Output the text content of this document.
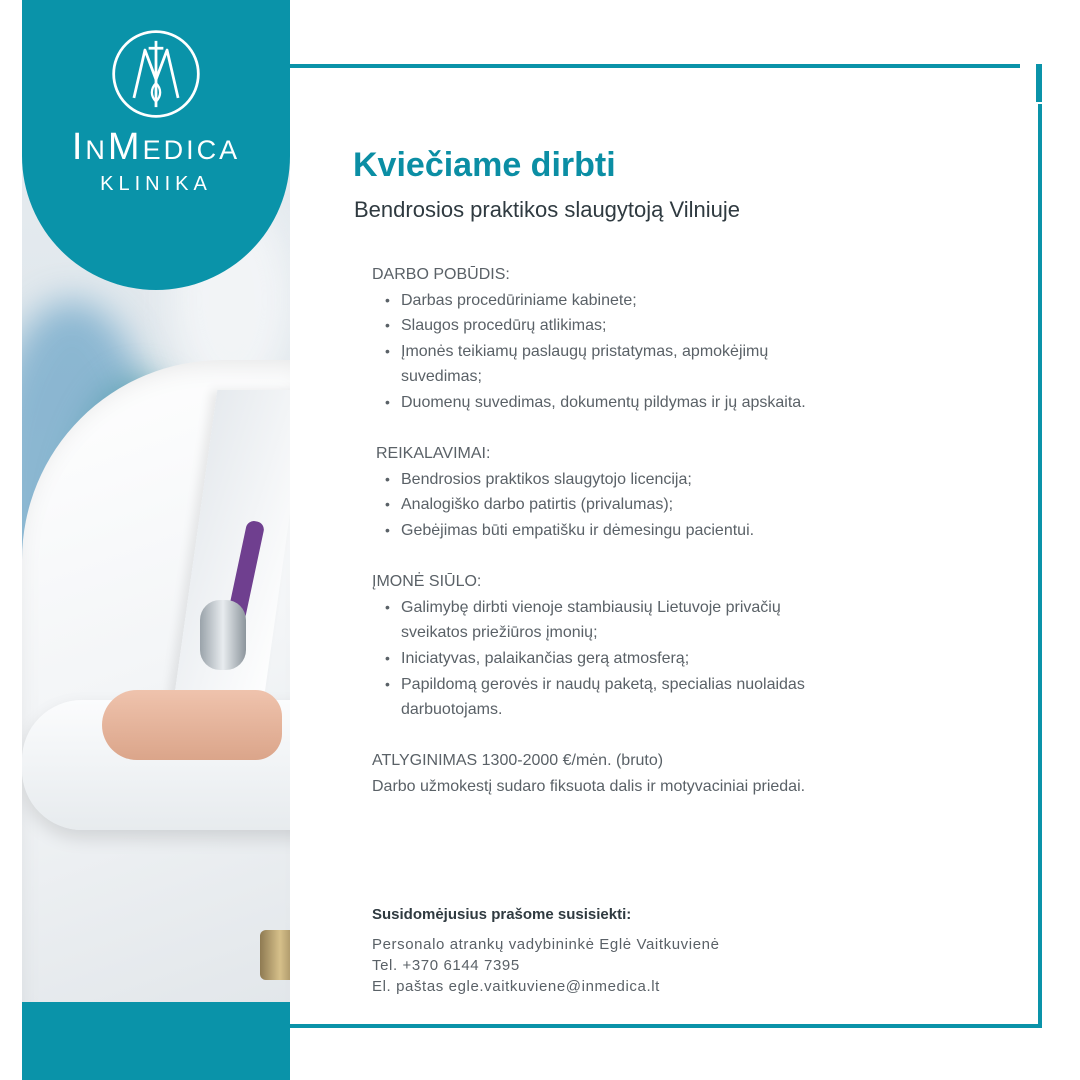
InMedica
KLINIKA	Kviečiame dirbti
Bendrosios praktikos slaugytoją Vilniuje
DARBO POBŪDIS:
• Darbas procedūriniame kabinete;
• Slaugos procedūrų atlikimas;
• Įmonės teikiamų paslaugų pristatymas, apmokėjimų suvedimas;
• Duomenų suvedimas, dokumentų pildymas ir jų apskaita.
REIKALAVIMAI:
• Bendrosios praktikos slaugytojo licencija;
• Analogiško darbo patirtis (privalumas);
• Gebėjimas būti empatišku ir dėmesingu pacientui.
ĮMONĖ SIŪLO:
• Galimybę dirbti vienoje stambiausių Lietuvoje privačių sveikatos priežiūros įmonių;
• Iniciatyvas, palaikančias gerą atmosferą;
• Papildomą gerovės ir naudų paketą, specialias nuolaidas darbuotojams.
ATLYGINIMAS 1300-2000 €/mėn. (bruto)
Darbo užmokestį sudaro fiksuota dalis ir motyvaciniai priedai.
Susidomėjusius prašome susisiekti:
Personalo atrankų vadybininkė Eglė Vaitkuvienė
Tel. +370 6144 7395
El. paštas egle.vaitkuviene@inmedica.lt
